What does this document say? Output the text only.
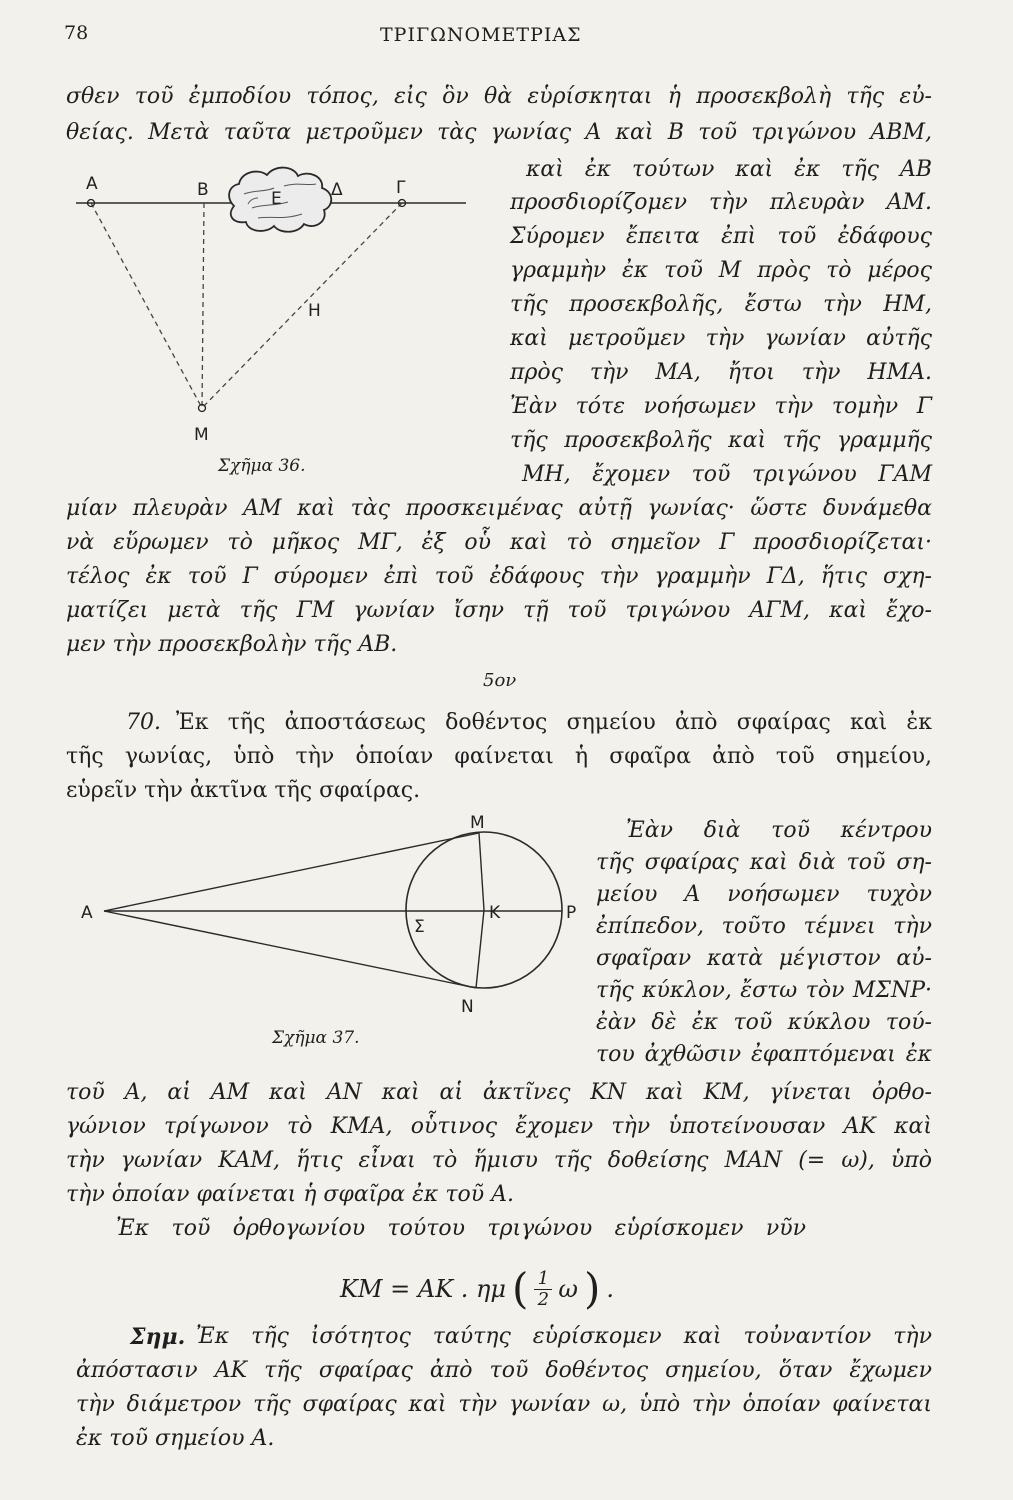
78	ΤΡΙΓΩΝΟΜΕΤΡΙΑΣ
σθεν τοῦ ἐμποδίου τόπος, εἰς ὃν θὰ εὑρίσκηται ἡ προσεκβολὴ τῆς εὐ-
θείας. Μετὰ ταῦτα μετροῦμεν τὰς γωνίας Α καὶ Β τοῦ τριγώνου ΑΒΜ,
καὶ ἐκ τούτων καὶ ἐκ τῆς ΑΒ
προσδιορίζομεν τὴν πλευρὰν ΑΜ.
Σύρομεν ἔπειτα ἐπὶ τοῦ ἐδάφους
γραμμὴν ἐκ τοῦ Μ πρὸς τὸ μέρος
τῆς προσεκβολῆς, ἔστω τὴν ΗΜ,
καὶ μετροῦμεν τὴν γωνίαν αὐτῆς
πρὸς τὴν ΜΑ, ἤτοι τὴν ΗΜΑ.
Ἐὰν τότε νοήσωμεν τὴν τομὴν Γ
τῆς προσεκβολῆς καὶ τῆς γραμμῆς
ΜΗ, ἔχομεν τοῦ τριγώνου ΓΑΜ
Α	Β	Ε	Δ	Γ
Η
Μ
Σχῆμα 36.
μίαν πλευρὰν ΑΜ καὶ τὰς προσκειμένας αὐτῇ γωνίας· ὥστε δυνάμεθα
νὰ εὕρωμεν τὸ μῆκος ΜΓ, ἐξ οὗ καὶ τὸ σημεῖον Γ προσδιορίζεται·
τέλος ἐκ τοῦ Γ σύρομεν ἐπὶ τοῦ ἐδάφους τὴν γραμμὴν ΓΔ, ἥτις σχη-
ματίζει μετὰ τῆς ΓΜ γωνίαν ἴσην τῇ τοῦ τριγώνου ΑΓΜ, καὶ ἔχο-
μεν τὴν προσεκβολὴν τῆς ΑΒ.
5ον
70. Ἐκ τῆς ἀποστάσεως δοθέντος σημείου ἀπὸ σφαίρας καὶ ἐκ
τῆς γωνίας, ὑπὸ τὴν ὁποίαν φαίνεται ἡ σφαῖρα ἀπὸ τοῦ σημείου,
εὑρεῖν τὴν ἀκτῖνα τῆς σφαίρας.
Α
Μ
Ν
Κ
Σ
Ρ
Σχῆμα 37.
Ἐὰν διὰ τοῦ κέντρου
τῆς σφαίρας καὶ διὰ τοῦ ση-
μείου Α νοήσωμεν τυχὸν
ἐπίπεδον, τοῦτο τέμνει τὴν
σφαῖραν κατὰ μέγιστον αὐ-
τῆς κύκλον, ἔστω τὸν ΜΣΝΡ·
ἐὰν δὲ ἐκ τοῦ κύκλου τού-
του ἀχθῶσιν ἐφαπτόμεναι ἐκ
τοῦ Α, αἱ ΑΜ καὶ ΑΝ καὶ αἱ ἀκτῖνες ΚΝ καὶ ΚΜ, γίνεται ὀρθο-
γώνιον τρίγωνον τὸ ΚΜΑ, οὗτινος ἔχομεν τὴν ὑποτείνουσαν ΑΚ καὶ
τὴν γωνίαν ΚΑΜ, ἥτις εἶναι τὸ ἥμισυ τῆς δοθείσης ΜΑΝ (= ω), ὑπὸ
τὴν ὁποίαν φαίνεται ἡ σφαῖρα ἐκ τοῦ Α.
Ἐκ τοῦ ὀρθογωνίου τούτου τριγώνου εὑρίσκομεν νῦν
ΚΜ = ΑΚ . ημ ( $\frac{1}{2}$ ω ) .
Σημ. Ἐκ τῆς ἰσότητος ταύτης εὑρίσκομεν καὶ τοὐναντίον τὴν
ἀπόστασιν ΑΚ τῆς σφαίρας ἀπὸ τοῦ δοθέντος σημείου, ὅταν ἔχωμεν
τὴν διάμετρον τῆς σφαίρας καὶ τὴν γωνίαν ω, ὑπὸ τὴν ὁποίαν φαίνεται
ἐκ τοῦ σημείου Α.
